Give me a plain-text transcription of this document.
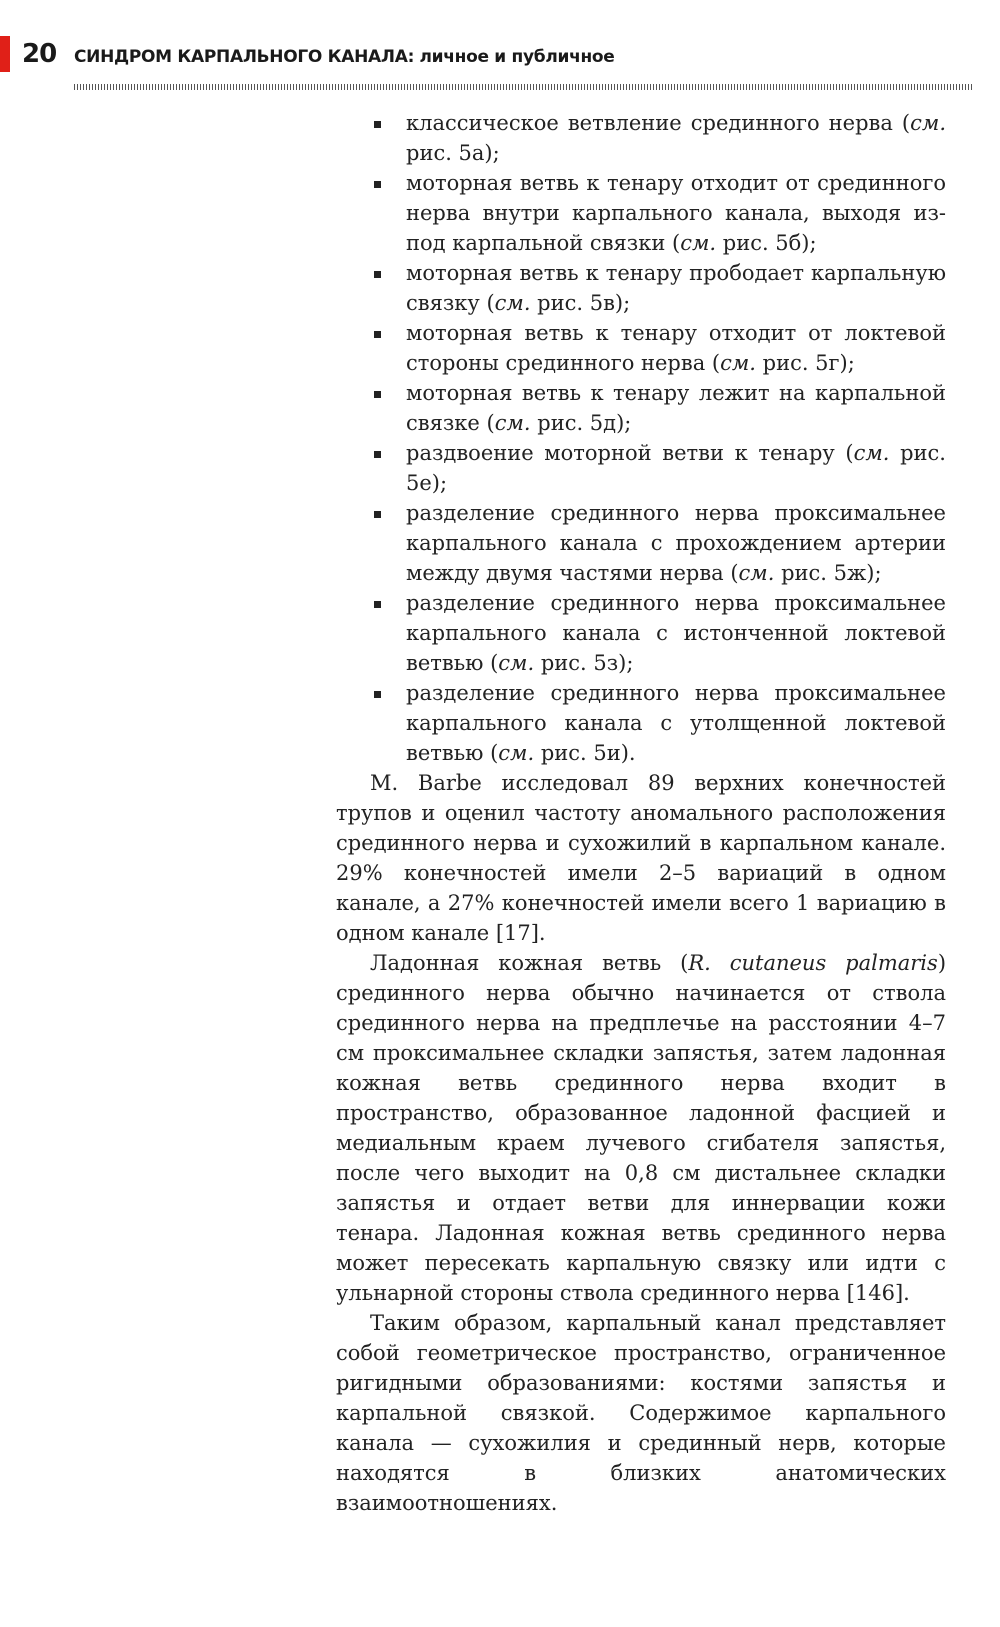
20 СИНДРОМ КАРПАЛЬНОГО КАНАЛА: личное и публичное
классическое ветвление срединного нерва (см. рис. 5а);
моторная ветвь к тенару отходит от срединного нерва внутри карпального канала, выходя из-под карпальной связки (см. рис. 5б);
моторная ветвь к тенару прободает карпальную связку (см. рис. 5в);
моторная ветвь к тенару отходит от локтевой стороны срединного нерва (см. рис. 5г);
моторная ветвь к тенару лежит на карпальной связке (см. рис. 5д);
раздвоение моторной ветви к тенару (см. рис. 5е);
разделение срединного нерва проксимальнее карпального канала с прохождением артерии между двумя частями нерва (см. рис. 5ж);
разделение срединного нерва проксимальнее карпального канала с истонченной локтевой ветвью (см. рис. 5з);
разделение срединного нерва проксимальнее карпального канала с утолщенной локтевой ветвью (см. рис. 5и).

M. Barbe исследовал 89 верхних конечностей трупов и оценил частоту аномального расположения срединного нерва и сухожилий в карпальном канале. 29% конечностей имели 2–5 вариаций в одном канале, а 27% конечностей имели всего 1 вариацию в одном канале [17].

Ладонная кожная ветвь (R. cutaneus palmaris) срединного нерва обычно начинается от ствола срединного нерва на предплечье на расстоянии 4–7 см проксимальнее складки запястья, затем ладонная кожная ветвь срединного нерва входит в пространство, образованное ладонной фасцией и медиальным краем лучевого сгибателя запястья, после чего выходит на 0,8 см дистальнее складки запястья и отдает ветви для иннервации кожи тенара. Ладонная кожная ветвь срединного нерва может пересекать карпальную связку или идти с ульнарной стороны ствола срединного нерва [146].

Таким образом, карпальный канал представляет собой геометрическое пространство, ограниченное ригидными образованиями: костями запястья и карпальной связкой. Содержимое карпального канала — сухожилия и срединный нерв, которые находятся в близких анатомических взаимоотношениях.
